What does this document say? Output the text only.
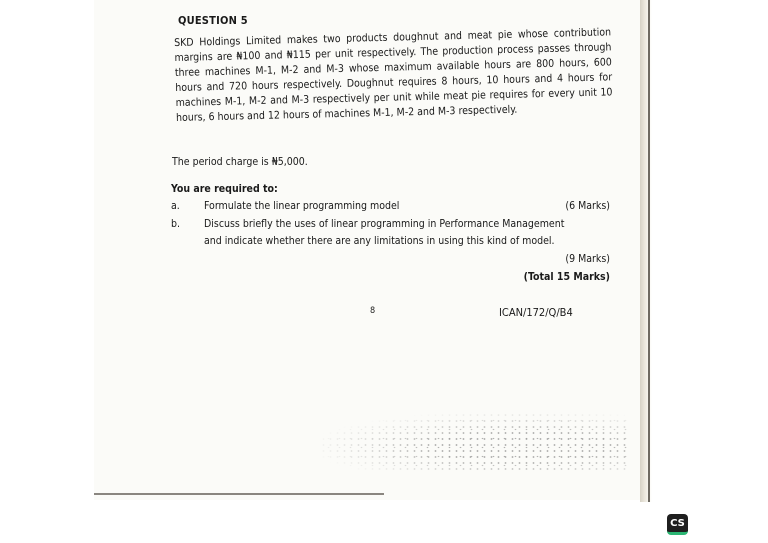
QUESTION 5

SKD Holdings Limited makes two products doughnut and meat pie whose contribution margins are ₦100 and ₦115 per unit respectively. The production process passes through three machines M-1, M-2 and M-3 whose maximum available hours are 800 hours, 600 hours and 720 hours respectively. Doughnut requires 8 hours, 10 hours and 4 hours for machines M-1, M-2 and M-3 respectively per unit while meat pie requires for every unit 10 hours, 6 hours and 12 hours of machines M-1, M-2 and M-3 respectively.

The period charge is ₦5,000.
You are required to:
a. Formulate the linear programming model	(6 Marks)
b. Discuss briefly the uses of linear programming in Performance Management
and indicate whether there are any limitations in using this kind of model.
(9 Marks)
(Total 15 Marks)
8	ICAN/172/Q/B4
CS
